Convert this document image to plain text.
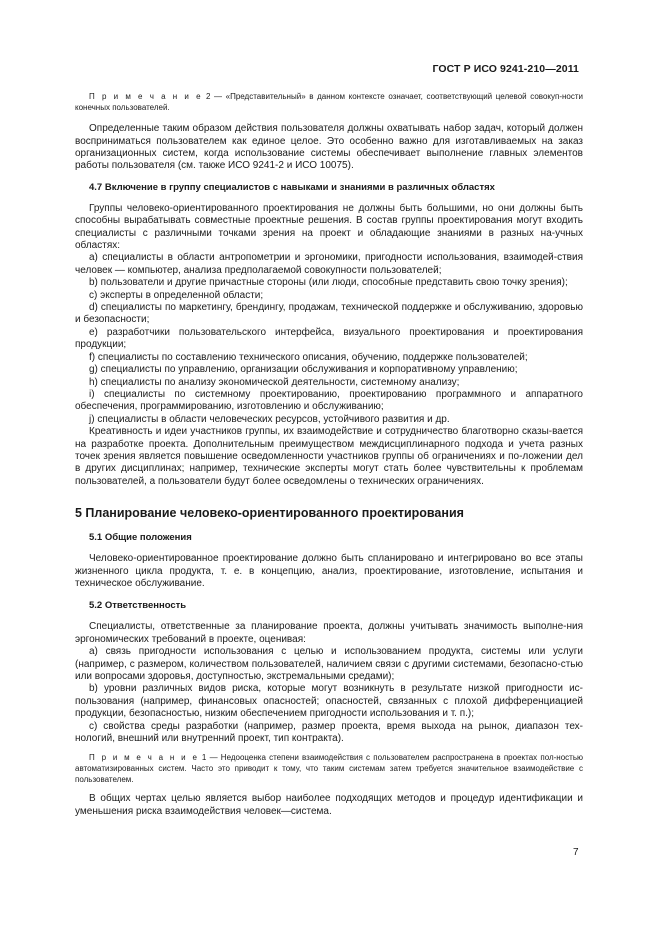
ГОСТ Р ИСО 9241-210—2011

П р и м е ч а н и е 2 — «Представительный» в данном контексте означает, соответствующий целевой совокуп-ности конечных пользователей.

Определенные таким образом действия пользователя должны охватывать набор задач, который должен восприниматься пользователем как единое целое. Это особенно важно для изготавливаемых на заказ организационных систем, когда использование системы обеспечивает выполнение главных элементов работы пользователя (см. также ИСО 9241-2 и ИСО 10075).

4.7 Включение в группу специалистов с навыками и знаниями в различных областях

Группы человеко-ориентированного проектирования не должны быть большими, но они должны быть способны вырабатывать совместные проектные решения. В состав группы проектирования могут входить специалисты с различными точками зрения на проект и обладающие знаниями в разных на-учных областях:

a) специалисты в области антропометрии и эргономики, пригодности использования, взаимодей-ствия человек — компьютер, анализа предполагаемой совокупности пользователей;

b) пользователи и другие причастные стороны (или люди, способные представить свою точку зрения);

c) эксперты в определенной области;

d) специалисты по маркетингу, брендингу, продажам, технической поддержке и обслуживанию, здоровью и безопасности;

e) разработчики пользовательского интерфейса, визуального проектирования и проектирования продукции;

f) специалисты по составлению технического описания, обучению, поддержке пользователей;

g) специалисты по управлению, организации обслуживания и корпоративному управлению;

h) специалисты по анализу экономической деятельности, системному анализу;

i) специалисты по системному проектированию, проектированию программного и аппаратного обеспечения, программированию, изготовлению и обслуживанию;

j) специалисты в области человеческих ресурсов, устойчивого развития и др.

Креативность и идеи участников группы, их взаимодействие и сотрудничество благотворно сказы-вается на разработке проекта. Дополнительным преимуществом междисциплинарного подхода и учета разных точек зрения является повышение осведомленности участников группы об ограничениях и по-ложении дел в других дисциплинах; например, технические эксперты могут стать более чувствительны к проблемам пользователей, а пользователи будут более осведомлены о технических ограничениях.

5 Планирование человеко-ориентированного проектирования

5.1 Общие положения

Человеко-ориентированное проектирование должно быть спланировано и интегрировано во все этапы жизненного цикла продукта, т. е. в концепцию, анализ, проектирование, изготовление, испытания и техническое обслуживание.

5.2 Ответственность

Специалисты, ответственные за планирование проекта, должны учитывать значимость выполне-ния эргономических требований в проекте, оценивая:

a) связь пригодности использования с целью и использованием продукта, системы или услуги (например, с размером, количеством пользователей, наличием связи с другими системами, безопасно-стью или вопросами здоровья, доступностью, экстремальными средами);

b) уровни различных видов риска, которые могут возникнуть в результате низкой пригодности ис-пользования (например, финансовых опасностей; опасностей, связанных с плохой дифференциацией продукции, безопасностью, низким обеспечением пригодности использования и т. п.);

c) свойства среды разработки (например, размер проекта, время выхода на рынок, диапазон тех-нологий, внешний или внутренний проект, тип контракта).

П р и м е ч а н и е 1 — Недооценка степени взаимодействия с пользователем распространена в проектах пол-ностью автоматизированных систем. Часто это приводит к тому, что таким системам затем требуется значительное взаимодействие с пользователем.

В общих чертах целью является выбор наиболее подходящих методов и процедур идентификации и уменьшения риска взаимодействия человек—система.

7
